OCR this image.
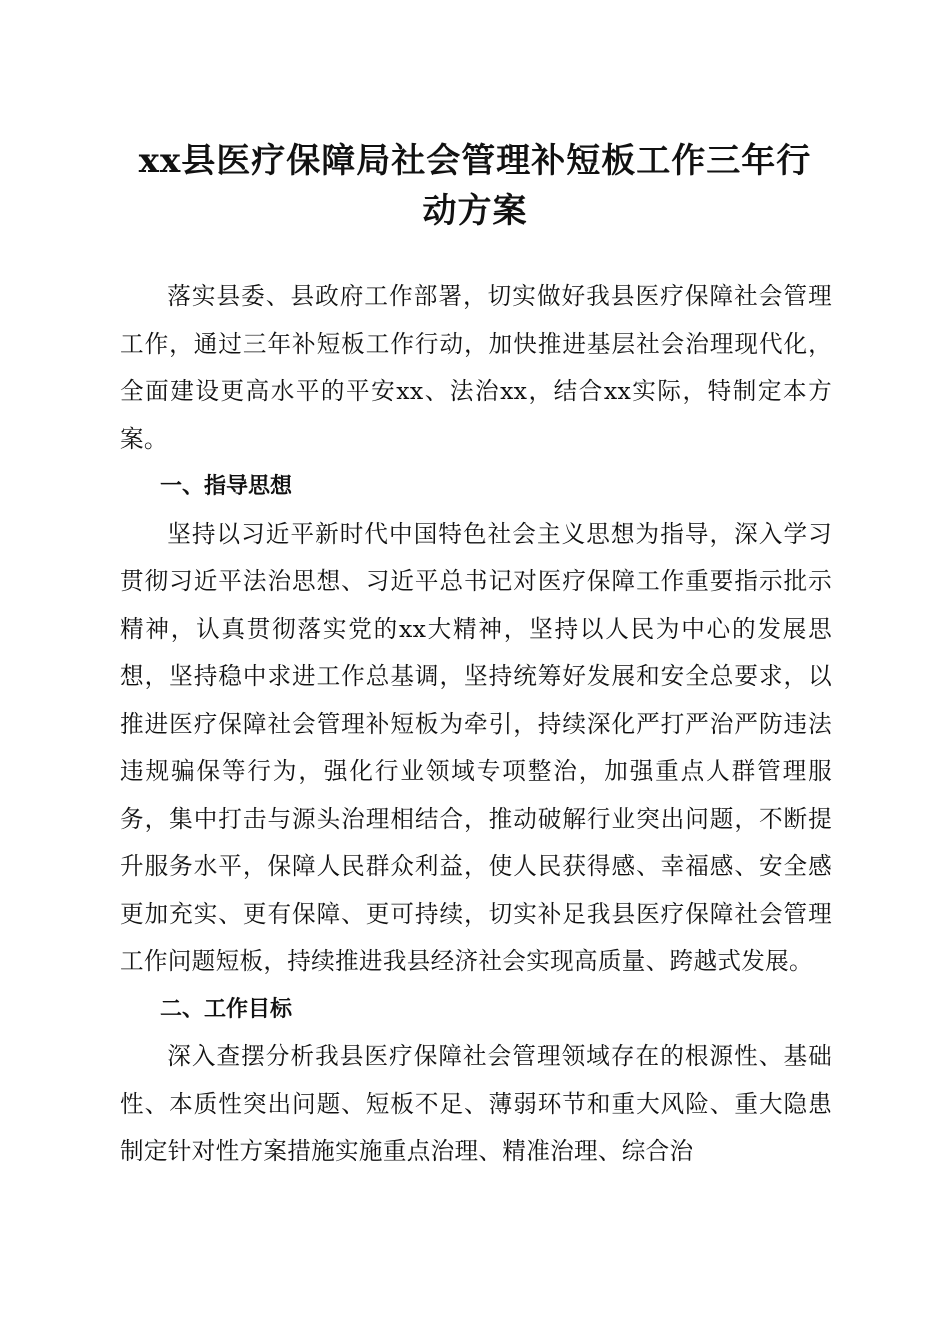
xx县医疗保障局社会管理补短板工作三年行
动方案

落实县委、县政府工作部署，切实做好我县医疗保障社会管理工作，通过三年补短板工作行动，加快推进基层社会治理现代化，全面建设更高水平的平安xx、法治xx，结合xx实际，特制定本方案。

一、指导思想

坚持以习近平新时代中国特色社会主义思想为指导，深入学习贯彻习近平法治思想、习近平总书记对医疗保障工作重要指示批示精神，认真贯彻落实党的xx大精神，坚持以人民为中心的发展思想，坚持稳中求进工作总基调，坚持统筹好发展和安全总要求，以推进医疗保障社会管理补短板为牵引，持续深化严打严治严防违法违规骗保等行为，强化行业领域专项整治，加强重点人群管理服务，集中打击与源头治理相结合，推动破解行业突出问题，不断提升服务水平，保障人民群众利益，使人民获得感、幸福感、安全感更加充实、更有保障、更可持续，切实补足我县医疗保障社会管理工作问题短板，持续推进我县经济社会实现高质量、跨越式发展。

二、工作目标

深入查摆分析我县医疗保障社会管理领域存在的根源性、基础性、本质性突出问题、短板不足、薄弱环节和重大风险、重大隐患制定针对性方案措施实施重点治理、精准治理、综合治
